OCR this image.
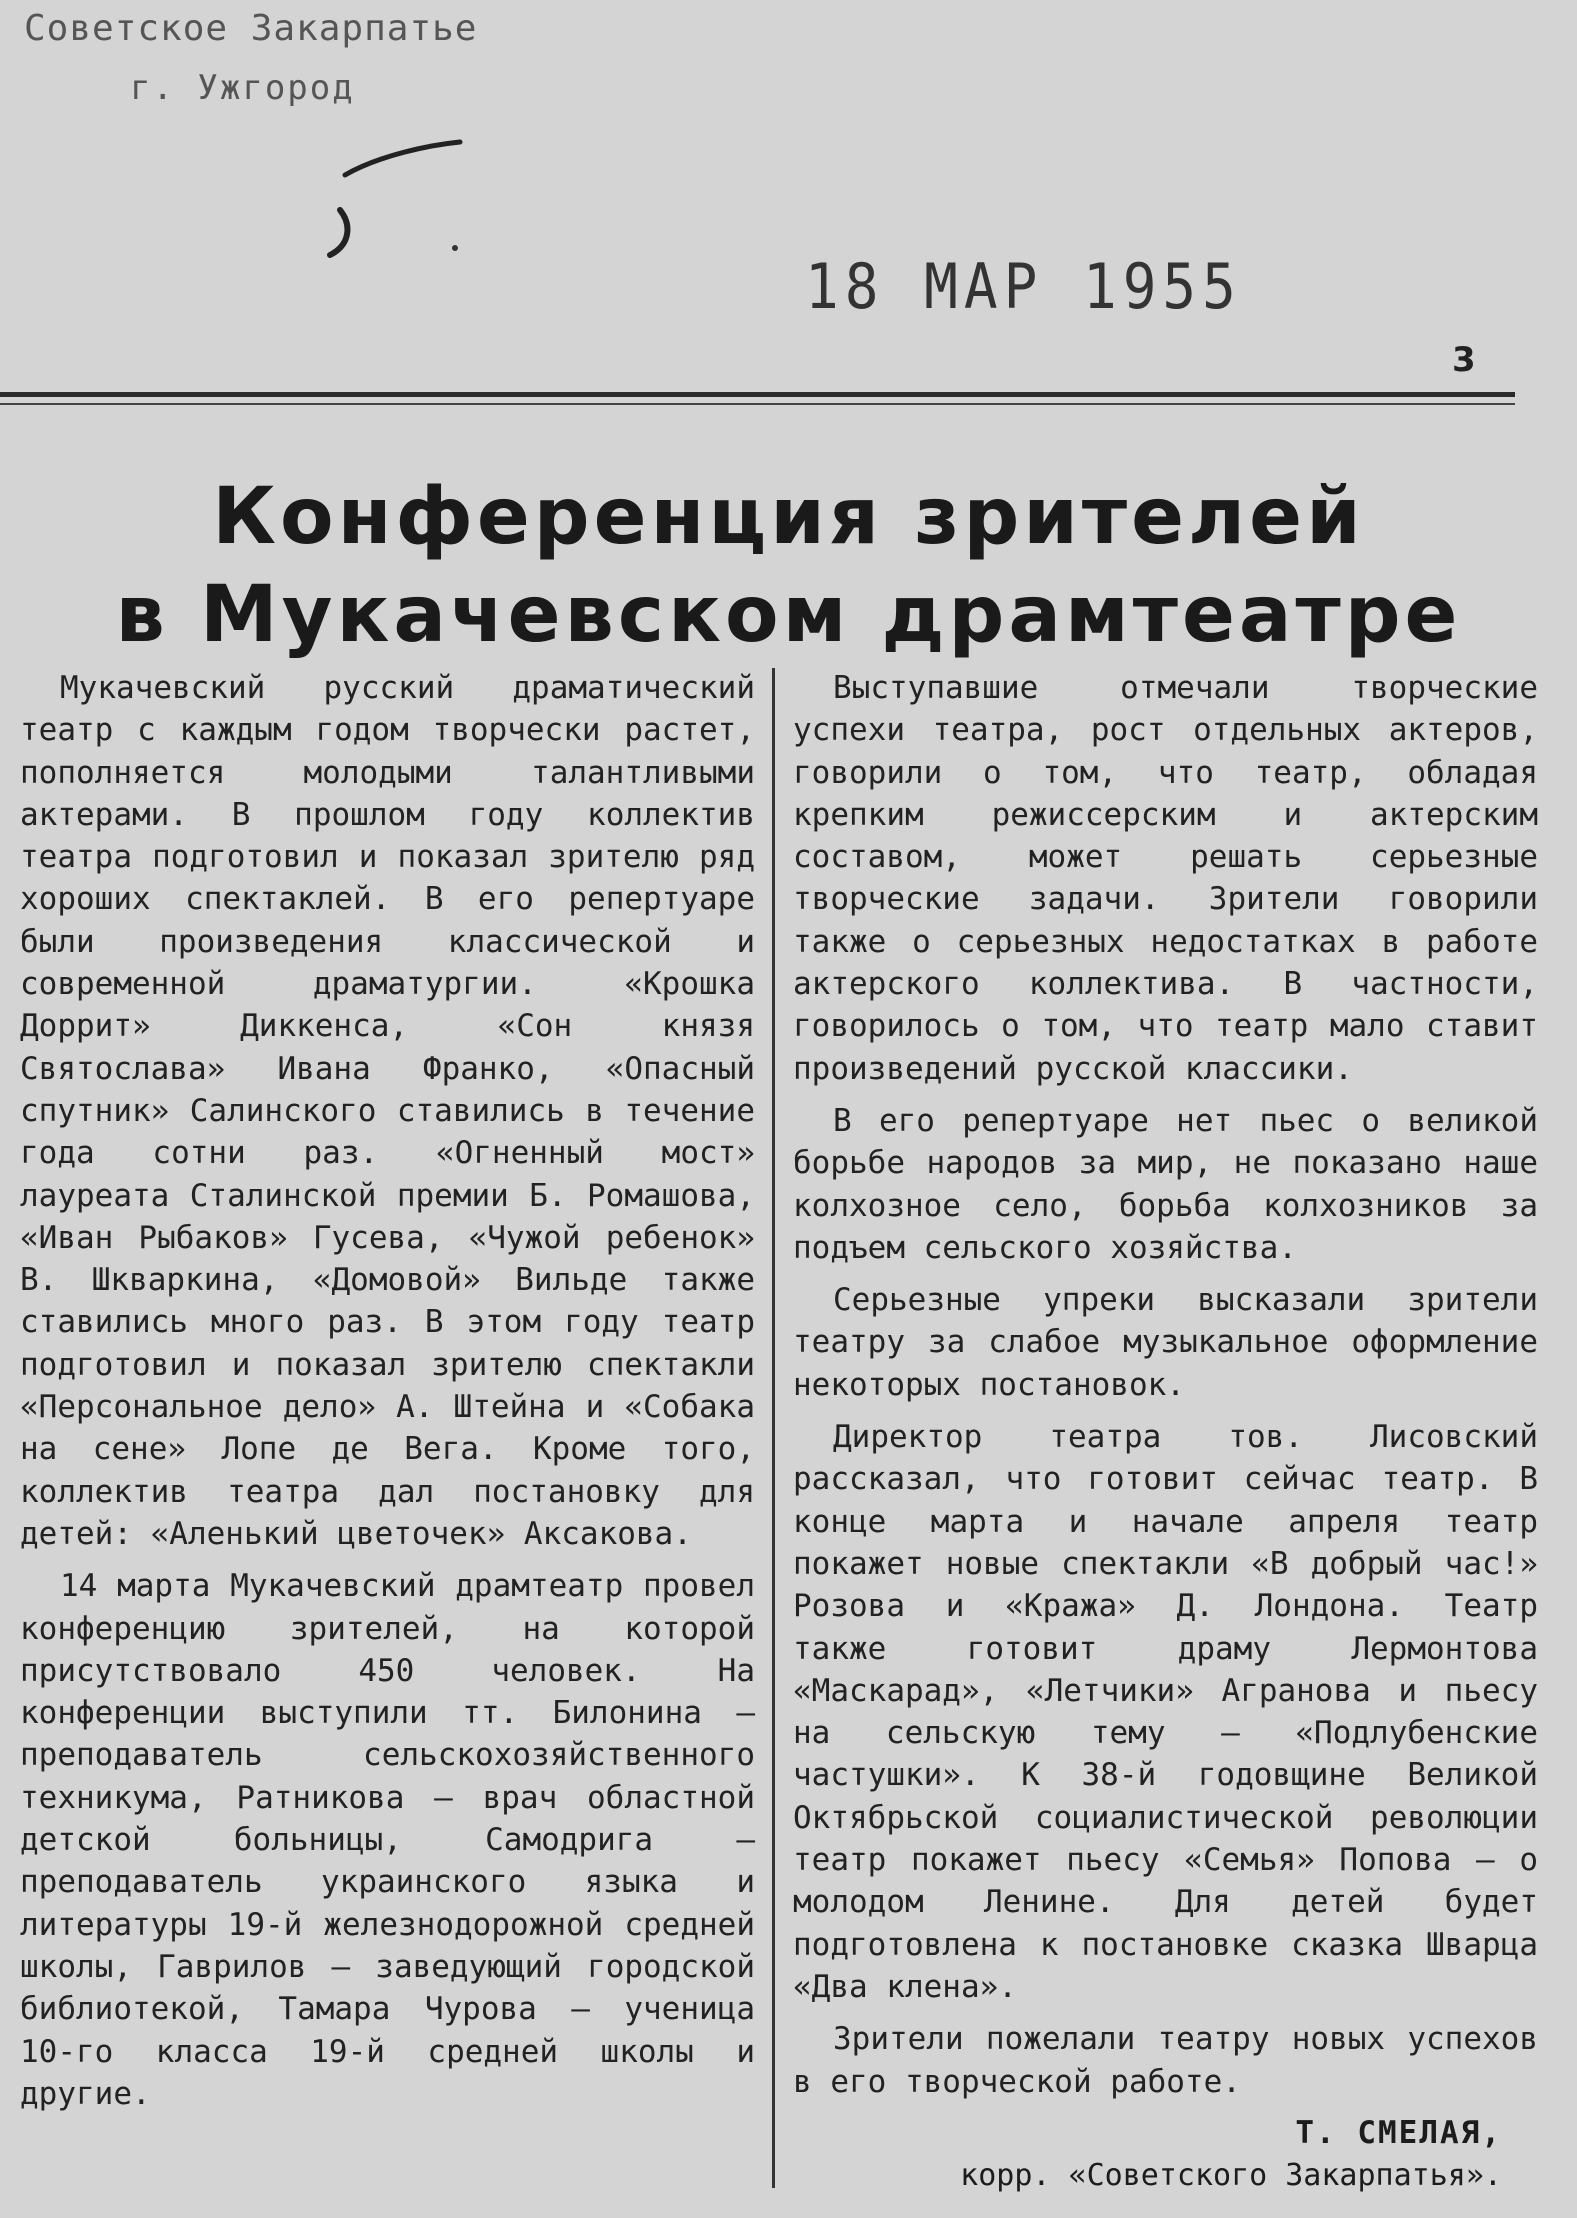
Советское Закарпатье
г. Ужгород
18 МАР 1955
3
Конференция зрителей
в Мукачевском драмтеатре

Мукачевский русский драматический театр с каждым годом творчески растет, пополняется молодыми талантливыми актерами. В прошлом году коллектив театра подготовил и показал зрителю ряд хороших спектаклей. В его репертуаре были произведения классической и современной драматургии. «Крошка Доррит» Диккенса, «Сон князя Святослава» Ивана Франко, «Опасный спутник» Салинского ставились в течение года сотни раз. «Огненный мост» лауреата Сталинской премии Б. Ромашова, «Иван Рыбаков» Гусева, «Чужой ребенок» В. Шкваркина, «Домовой» Вильде также ставились много раз. В этом году театр подготовил и показал зрителю спектакли «Персональное дело» А. Штейна и «Собака на сене» Лопе де Вега. Кроме того, коллектив театра дал постановку для детей: «Аленький цветочек» Аксакова.

14 марта Мукачевский драмтеатр провел конференцию зрителей, на которой присутствовало 450 человек. На конференции выступили тт. Билонина — преподаватель сельскохозяйственного техникума, Ратникова — врач областной детской больницы, Самодрига — преподаватель украинского языка и литературы 19-й железнодорожной средней школы, Гаврилов — заведующий городской библиотекой, Тамара Чурова — ученица 10-го класса 19-й средней школы и другие.

Выступавшие отмечали творческие успехи театра, рост отдельных актеров, говорили о том, что театр, обладая крепким режиссерским и актерским составом, может решать серьезные творческие задачи. Зрители говорили также о серьезных недостатках в работе актерского коллектива. В частности, говорилось о том, что театр мало ставит произведений русской классики.

В его репертуаре нет пьес о великой борьбе народов за мир, не показано наше колхозное село, борьба колхозников за подъем сельского хозяйства.

Серьезные упреки высказали зрители театру за слабое музыкальное оформление некоторых постановок.

Директор театра тов. Лисовский рассказал, что готовит сейчас театр. В конце марта и начале апреля театр покажет новые спектакли «В добрый час!» Розова и «Кража» Д. Лондона. Театр также готовит драму Лермонтова «Маскарад», «Летчики» Агранова и пьесу на сельскую тему — «Подлубенские частушки». К 38-й годовщине Великой Октябрьской социалистической революции театр покажет пьесу «Семья» Попова — о молодом Ленине. Для детей будет подготовлена к постановке сказка Шварца «Два клена».

Зрители пожелали театру новых успехов в его творческой работе.

Т. СМЕЛАЯ,
корр. «Советского Закарпатья».
